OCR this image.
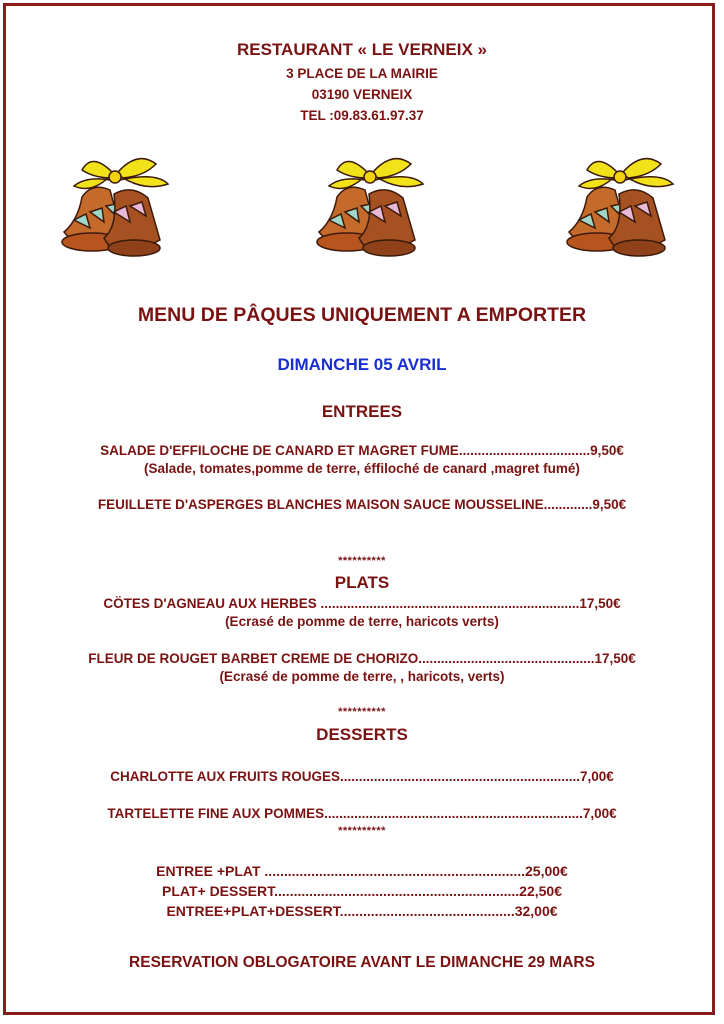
RESTAURANT « LE VERNEIX »
3 PLACE DE LA MAIRIE
03190 VERNEIX
TEL :09.83.61.97.37
MENU DE PÂQUES UNIQUEMENT A EMPORTER
DIMANCHE 05 AVRIL
ENTREES
SALADE D'EFFILOCHE DE CANARD ET MAGRET FUME...................................9,50€
(Salade, tomates,pomme de terre, éffiloché de canard ,magret fumé)
FEUILLETE D'ASPERGES BLANCHES MAISON SAUCE MOUSSELINE.............9,50€
**********
PLATS
CÖTES D'AGNEAU AUX HERBES .....................................................................17,50€
(Ecrasé de pomme de terre, haricots verts)
FLEUR DE ROUGET BARBET CREME DE CHORIZO...............................................17,50€
(Ecrasé de pomme de terre, , haricots, verts)
**********
DESSERTS
CHARLOTTE AUX FRUITS ROUGES................................................................7,00€
TARTELETTE FINE AUX POMMES.....................................................................7,00€
**********
ENTREE +PLAT ...................................................................25,00€
PLAT+ DESSERT...............................................................22,50€
ENTREE+PLAT+DESSERT.............................................32,00€
RESERVATION OBLOGATOIRE AVANT LE DIMANCHE 29 MARS
